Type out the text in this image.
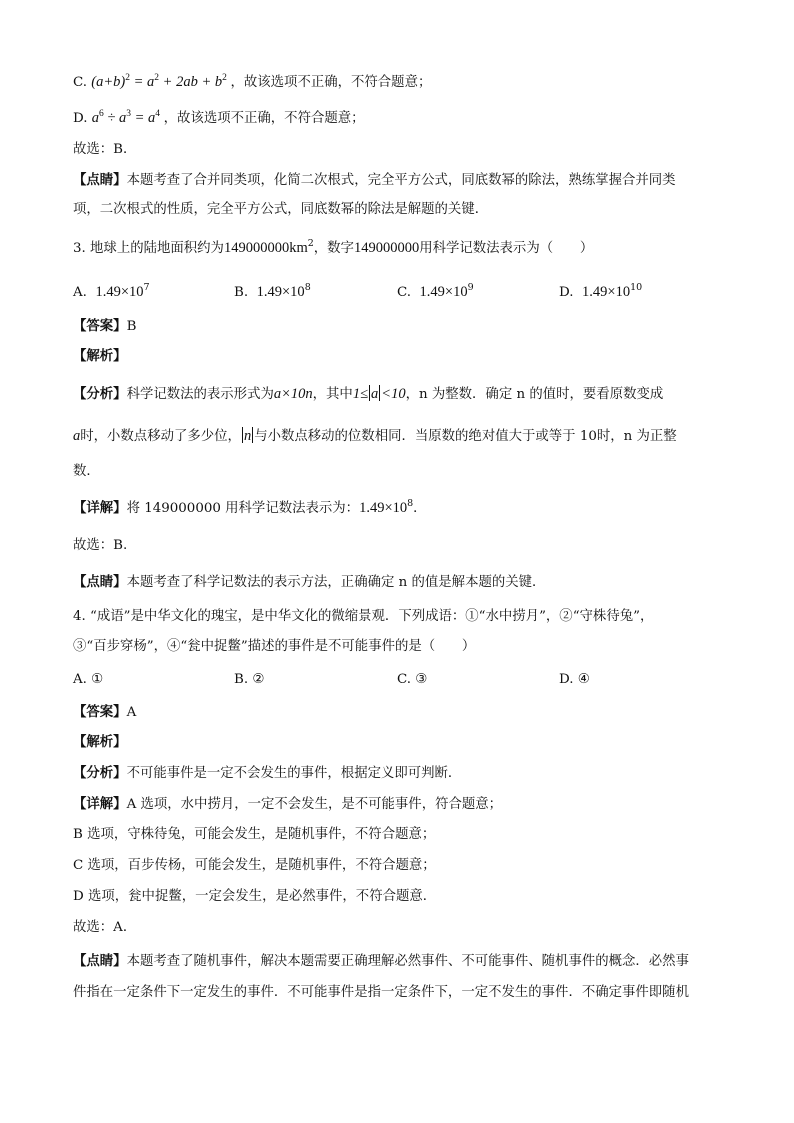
C. $(a+b)^2 = a^2 + 2ab + b^2$ ，故该选项不正确，不符合题意；
D. $a^6 \div a^3 = a^4$ ，故该选项不正确，不符合题意；
故选：B．
【点睛】本题考查了合并同类项，化简二次根式，完全平方公式，同底数幂的除法，熟练掌握合并同类
项，二次根式的性质，完全平方公式，同底数幂的除法是解题的关键．
3. 地球上的陆地面积约为$149000000km^2$，数字149000000用科学记数法表示为（　　）
A. $1.49\times 10^7$	B. $1.49\times 10^8$	C. $1.49\times 10^9$	D. $1.49\times 10^{10}$
【答案】B
【解析】
【分析】科学记数法的表示形式为a×10n，其中1≤ a <10，n 为整数．确定 n 的值时，要看原数变成
a时，小数点移动了多少位， n 与小数点移动的位数相同．当原数的绝对值大于或等于 10时，n 为正整
数．
【详解】将 149000000 用科学记数法表示为：$1.49\times 10^8$．
故选：B.
【点睛】本题考查了科学记数法的表示方法，正确确定 n 的值是解本题的关键．
4. “成语”是中华文化的瑰宝，是中华文化的微缩景观．下列成语：①“水中捞月”，②“守株待兔”，
③“百步穿杨”，④“瓮中捉鳖”描述的事件是不可能事件的是（　　）
A. ①	B. ②	C. ③	D. ④
【答案】A
【解析】
【分析】不可能事件是一定不会发生的事件，根据定义即可判断．
【详解】A 选项，水中捞月，一定不会发生，是不可能事件，符合题意；
B 选项，守株待兔，可能会发生，是随机事件，不符合题意；
C 选项，百步传杨，可能会发生，是随机事件，不符合题意；
D 选项，瓮中捉鳖，一定会发生，是必然事件，不符合题意．
故选：A．
【点睛】本题考查了随机事件，解决本题需要正确理解必然事件、不可能事件、随机事件的概念．必然事
件指在一定条件下一定发生的事件．不可能事件是指一定条件下，一定不发生的事件．不确定事件即随机
